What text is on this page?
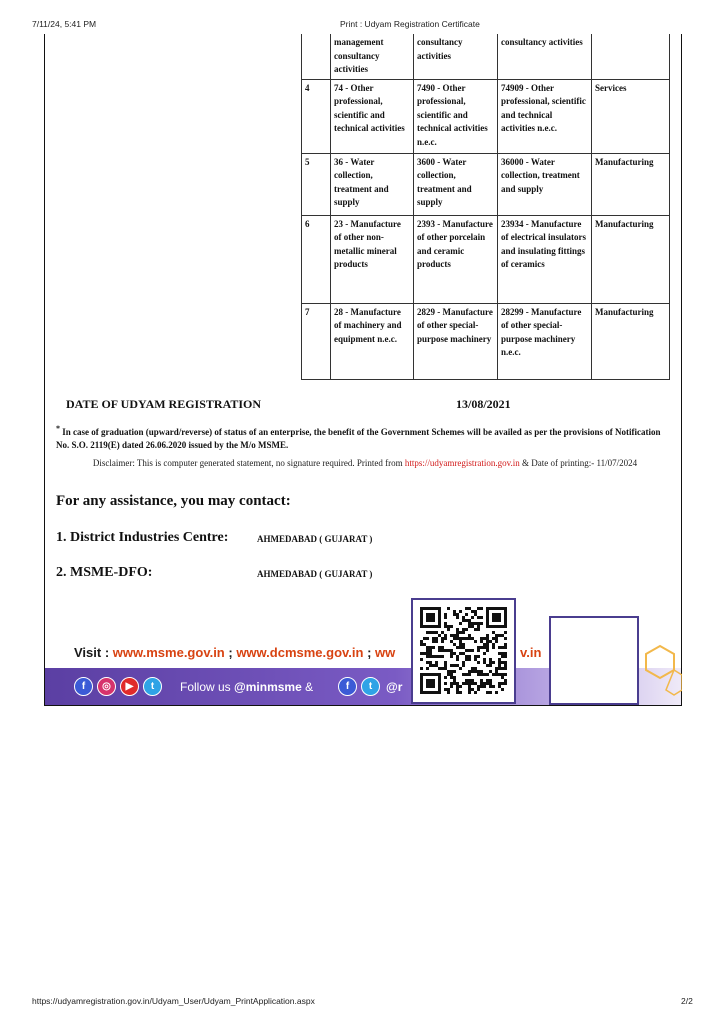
7/11/24, 5:41 PM	Print : Udyam Registration Certificate
	management consultancy activities	consultancy activities	consultancy activities	
4	74 - Other professional, scientific and technical activities	7490 - Other professional, scientific and technical activities n.e.c.	74909 - Other professional, scientific and technical activities n.e.c.	Services
5	36 - Water collection, treatment and supply	3600 - Water collection, treatment and supply	36000 - Water collection, treatment and supply	Manufacturing
6	23 - Manufacture of other non-metallic mineral products	2393 - Manufacture of other porcelain and ceramic products	23934 - Manufacture of electrical insulators and insulating fittings of ceramics	Manufacturing
7	28 - Manufacture of machinery and equipment n.e.c.	2829 - Manufacture of other special-purpose machinery	28299 - Manufacture of other special-purpose machinery n.e.c.	Manufacturing
DATE OF UDYAM REGISTRATION	13/08/2021
* In case of graduation (upward/reverse) of status of an enterprise, the benefit of the Government Schemes will be availed as per the provisions of Notification No. S.O. 2119(E) dated 26.06.2020 issued by the M/o MSME.
Disclaimer: This is computer generated statement, no signature required. Printed from https://udyamregistration.gov.in & Date of printing:- 11/07/2024
For any assistance, you may contact:
1. District Industries Centre:	AHMEDABAD ( GUJARAT )
2. MSME-DFO:	AHMEDABAD ( GUJARAT )
Visit : www.msme.gov.in ; www.dcmsme.gov.in ; ww	v.in
f	◎	▶	t	Follow us @minmsme &	f	t	@r
https://udyamregistration.gov.in/Udyam_User/Udyam_PrintApplication.aspx	2/2
